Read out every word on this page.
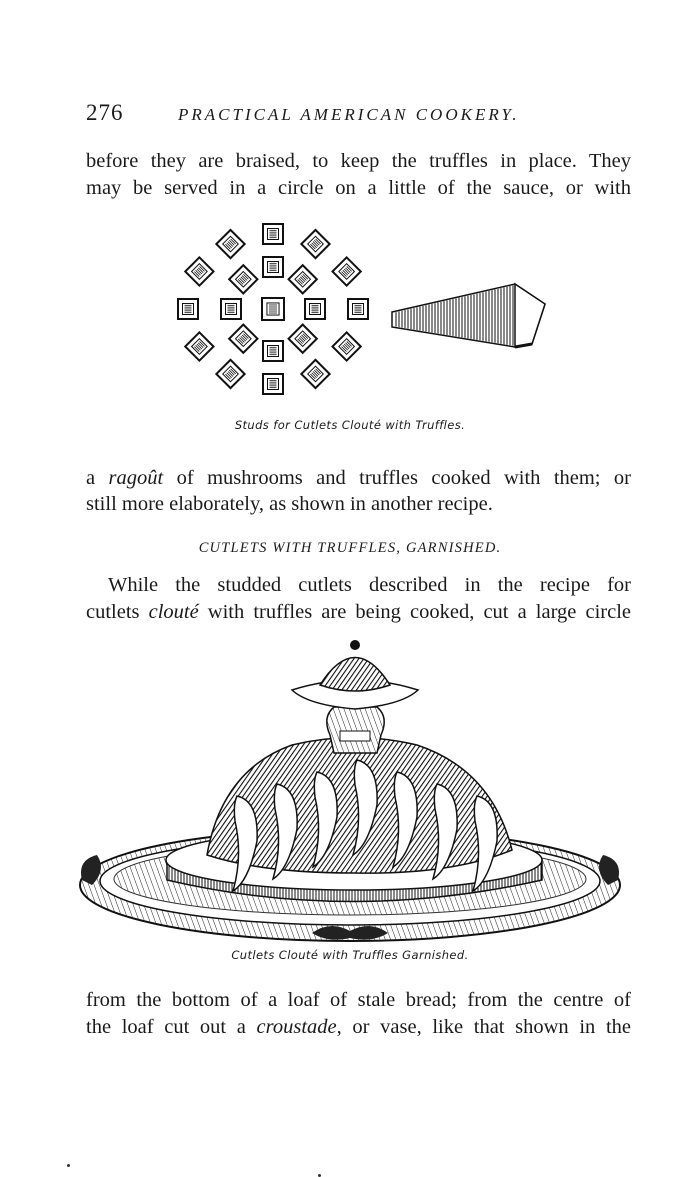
276	PRACTICAL AMERICAN COOKERY.
before they are braised, to keep the truffles in place. They
may be served in a circle on a little of the sauce, or with
Studs for Cutlets Clouté with Truffles.
a ragoût of mushrooms and truffles cooked with them; or
still more elaborately, as shown in another recipe.
CUTLETS WITH TRUFFLES, GARNISHED.
While the studded cutlets described in the recipe for
cutlets clouté with truffles are being cooked, cut a large circle
Cutlets Clouté with Truffles Garnished.
from the bottom of a loaf of stale bread; from the centre of
the loaf cut out a croustade, or vase, like that shown in the
